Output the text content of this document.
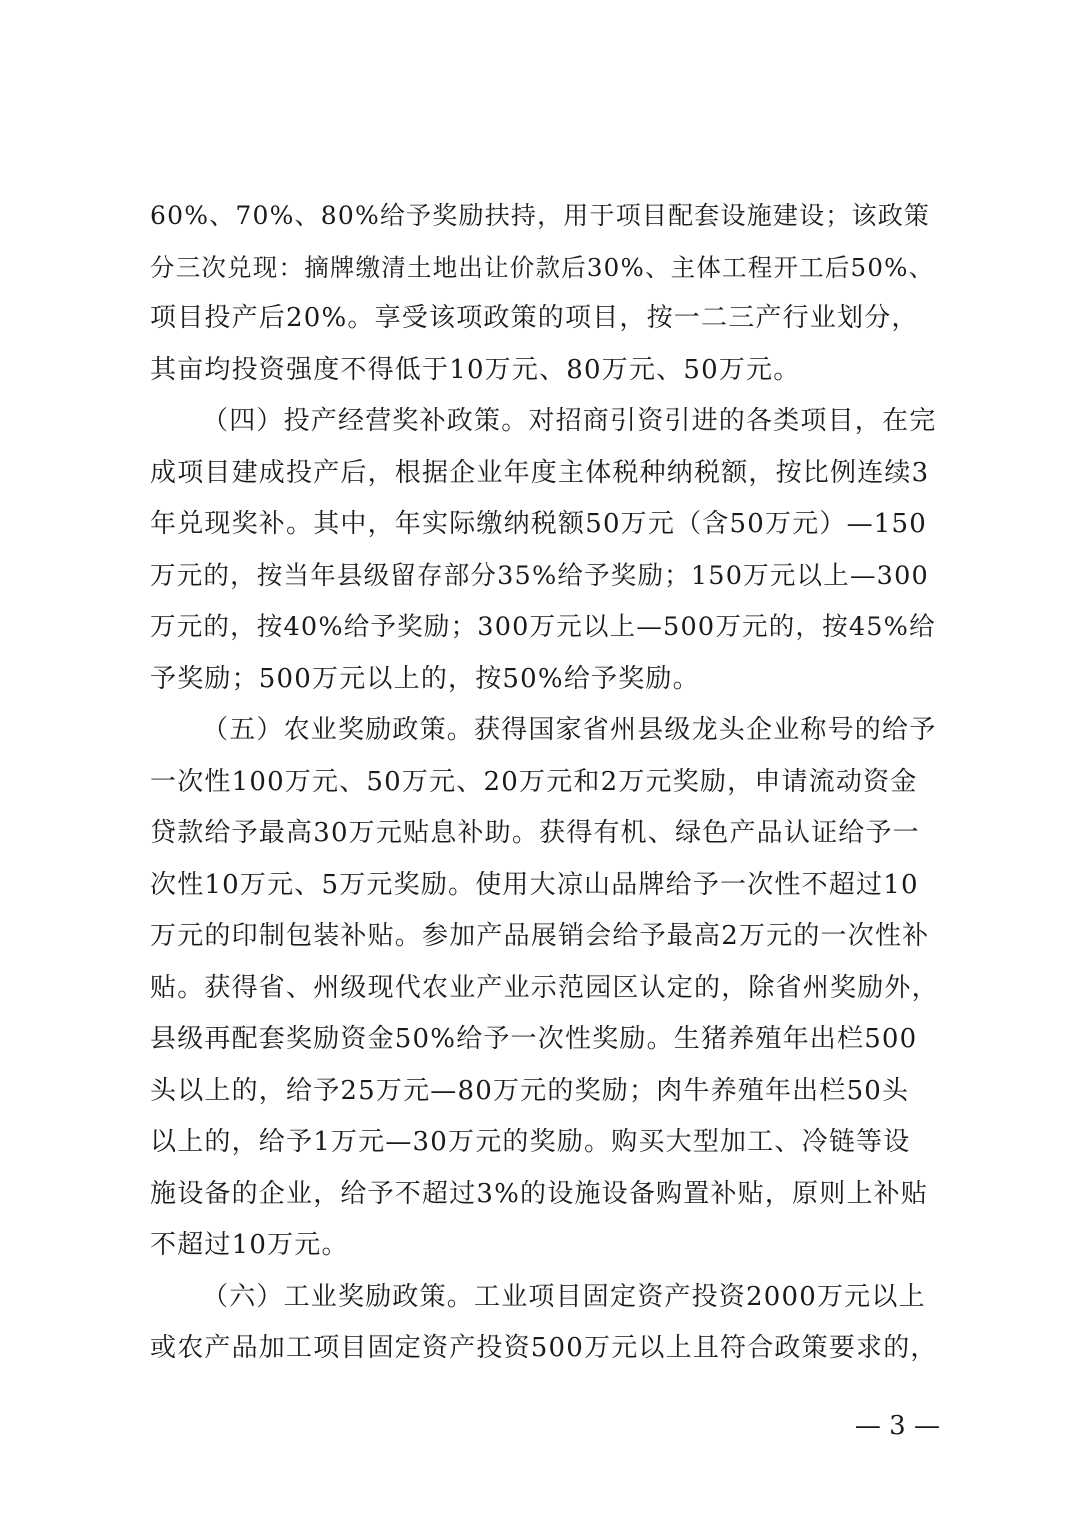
60%、70%、80%给予奖励扶持，用于项目配套设施建设；该政策
分三次兑现：摘牌缴清土地出让价款后30%、主体工程开工后50%、
项目投产后20%。享受该项政策的项目，按一二三产行业划分，
其亩均投资强度不得低于10万元、80万元、50万元。
（四）投产经营奖补政策。对招商引资引进的各类项目，在完
成项目建成投产后，根据企业年度主体税种纳税额，按比例连续3
年兑现奖补。其中，年实际缴纳税额50万元（含50万元）—150
万元的，按当年县级留存部分35%给予奖励；150万元以上—300
万元的，按40%给予奖励；300万元以上—500万元的，按45%给
予奖励；500万元以上的，按50%给予奖励。
（五）农业奖励政策。获得国家省州县级龙头企业称号的给予
一次性100万元、50万元、20万元和2万元奖励，申请流动资金
贷款给予最高30万元贴息补助。获得有机、绿色产品认证给予一
次性10万元、5万元奖励。使用大凉山品牌给予一次性不超过10
万元的印制包装补贴。参加产品展销会给予最高2万元的一次性补
贴。获得省、州级现代农业产业示范园区认定的，除省州奖励外，
县级再配套奖励资金50%给予一次性奖励。生猪养殖年出栏500
头以上的，给予25万元—80万元的奖励；肉牛养殖年出栏50头
以上的，给予1万元—30万元的奖励。购买大型加工、冷链等设
施设备的企业，给予不超过3%的设施设备购置补贴，原则上补贴
不超过10万元。
（六）工业奖励政策。工业项目固定资产投资2000万元以上
或农产品加工项目固定资产投资500万元以上且符合政策要求的，
— 3 —
